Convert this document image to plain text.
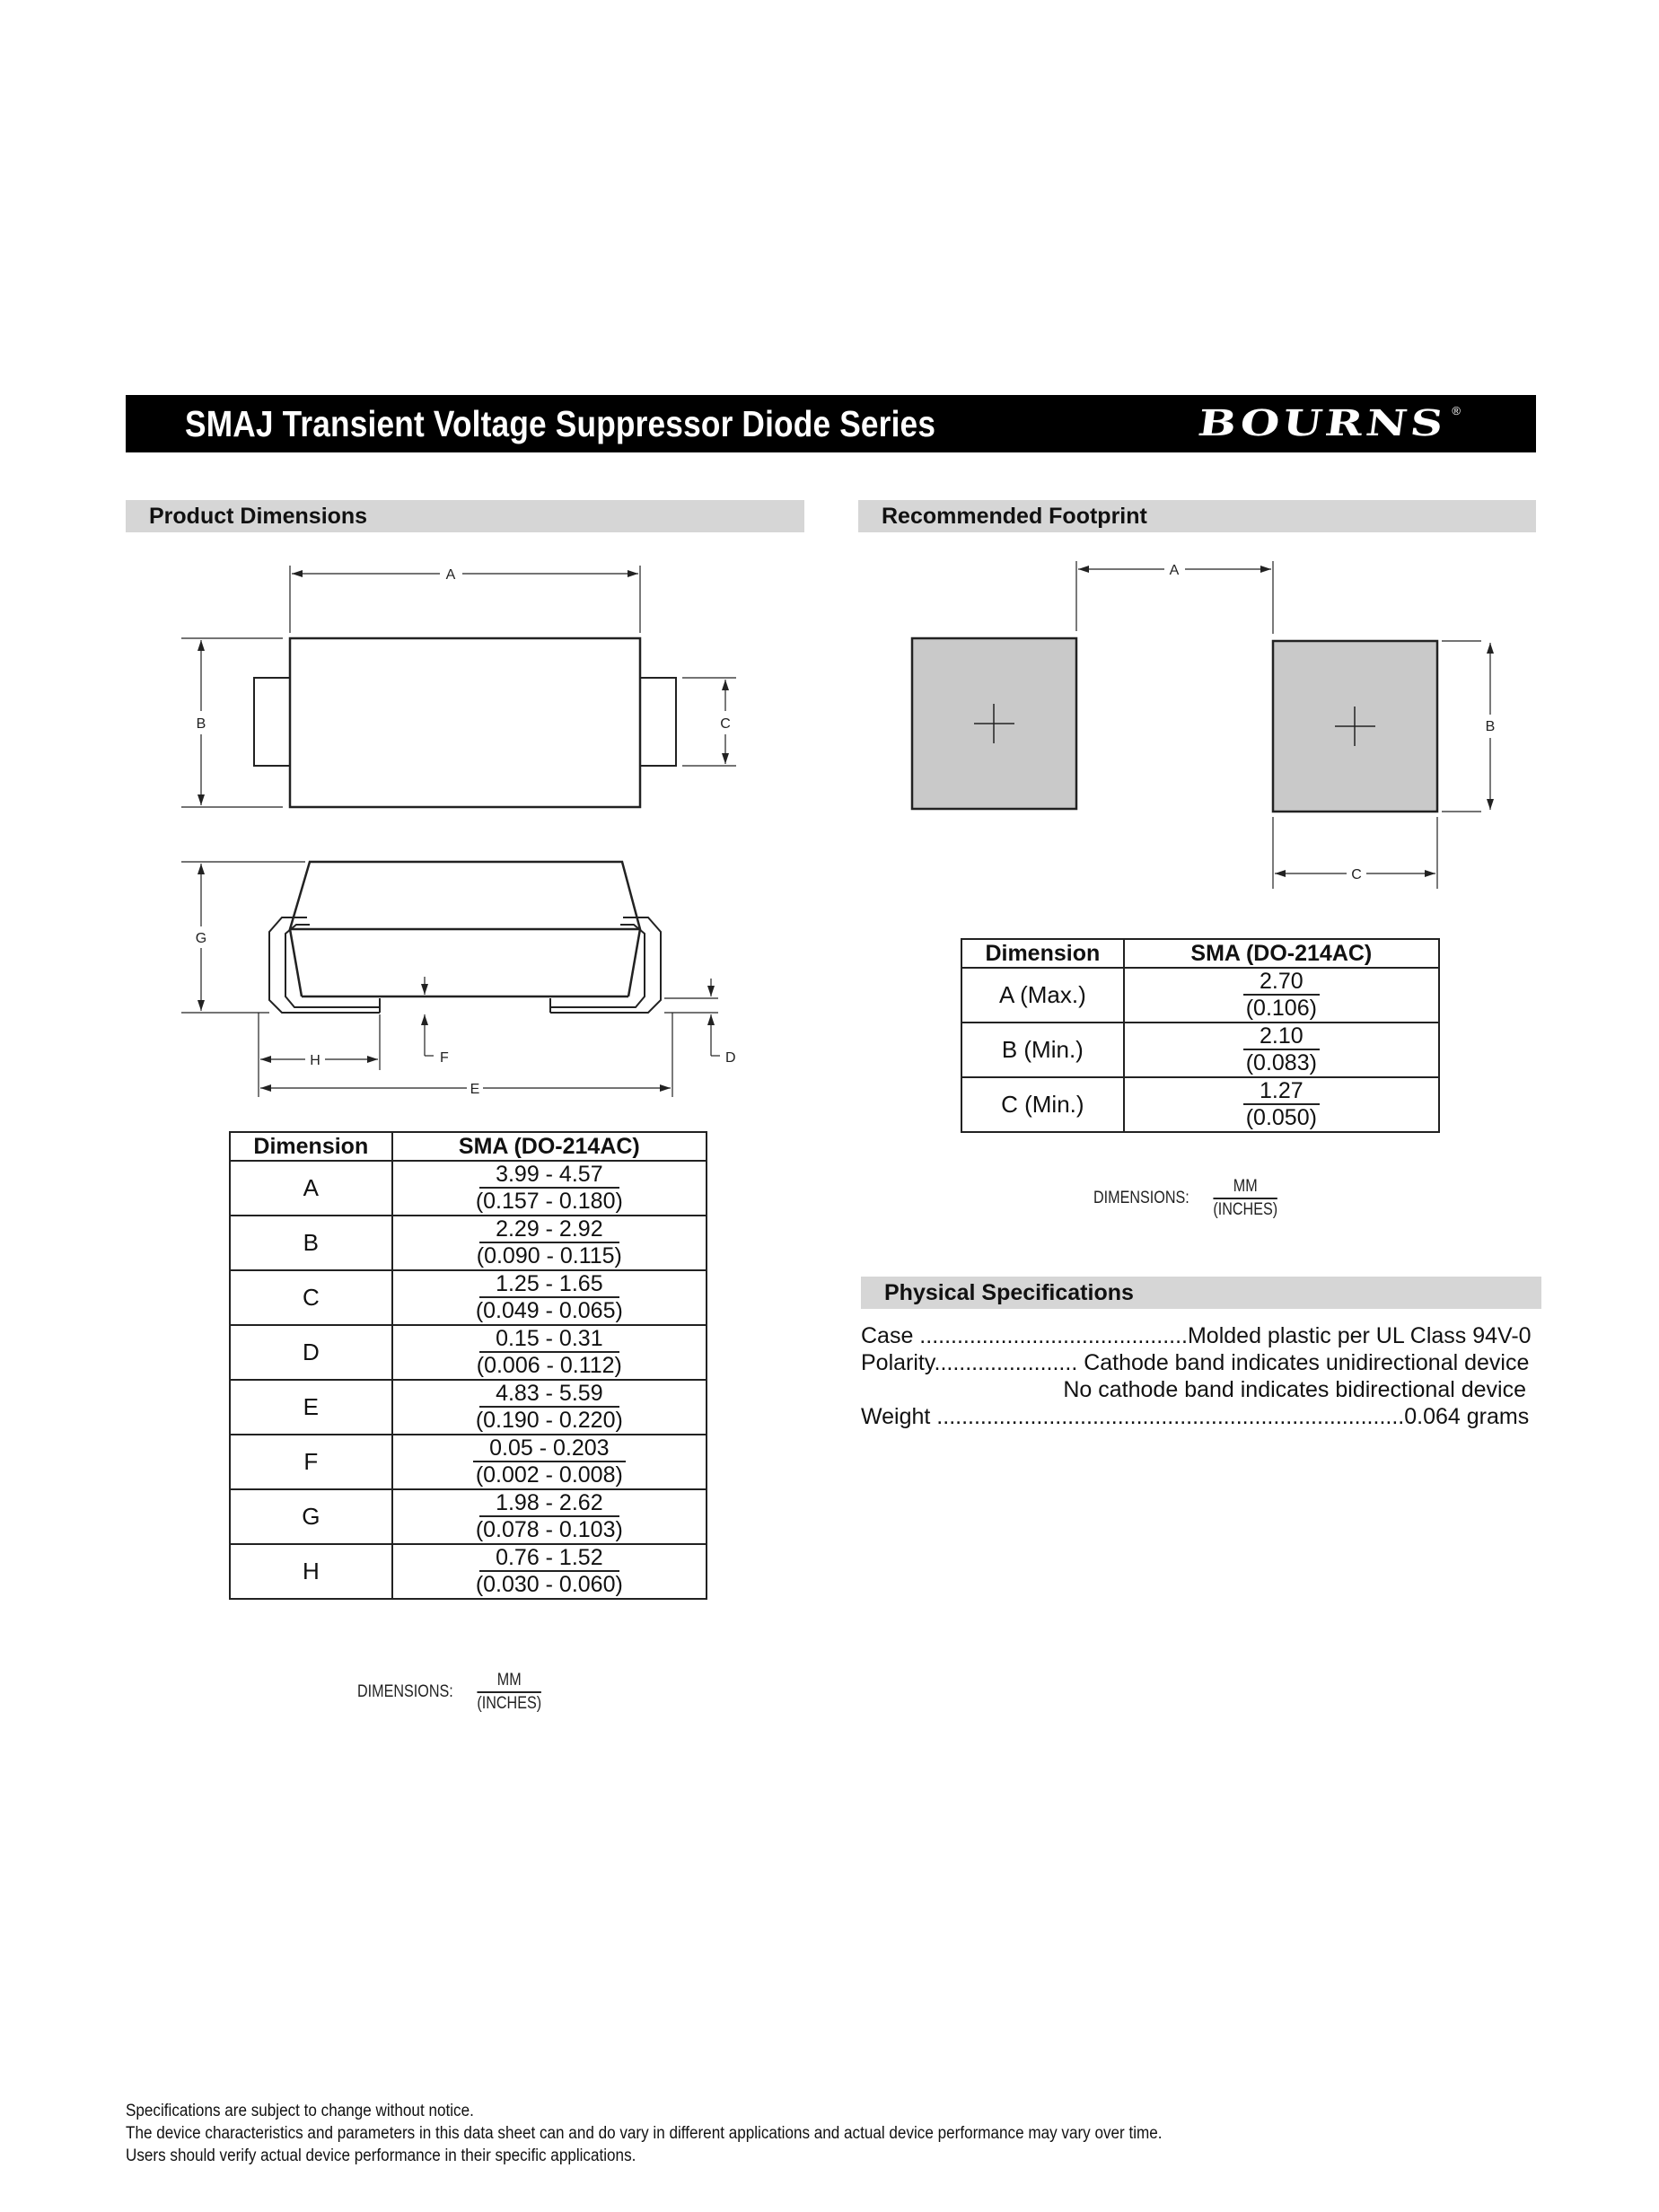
SMAJ Transient Voltage Suppressor Diode Series	BOURNS ®
Product Dimensions
A
B	C
G
F	D
H
E
Dimension	SMA (DO-214AC)
A	3.99 - 4.57
(0.157 - 0.180)
B	2.29 - 2.92
(0.090 - 0.115)
C	1.25 - 1.65
(0.049 - 0.065)
D	0.15 - 0.31
(0.006 - 0.112)
E	4.83 - 5.59
(0.190 - 0.220)
F	0.05 - 0.203
(0.002 - 0.008)
G	1.98 - 2.62
(0.078 - 0.103)
H	0.76 - 1.52
(0.030 - 0.060)
DIMENSIONS: $\frac{MM}{\text{(INCHES)}}$
Recommended Footprint
A
B
C
Dimension	SMA (DO-214AC)
A (Max.)	2.70
(0.106)
B (Min.)	2.10
(0.083)
C (Min.)	1.27
(0.050)
DIMENSIONS: $\frac{MM}{\text{(INCHES)}}$
Physical Specifications
Case ...........................................Molded plastic per UL Class 94V-0
Polarity....................... Cathode band indicates unidirectional device
No cathode band indicates bidirectional device
Weight ...........................................................................0.064 grams
Specifications are subject to change without notice.
The device characteristics and parameters in this data sheet can and do vary in different applications and actual device performance may vary over time.
Users should verify actual device performance in their specific applications.
